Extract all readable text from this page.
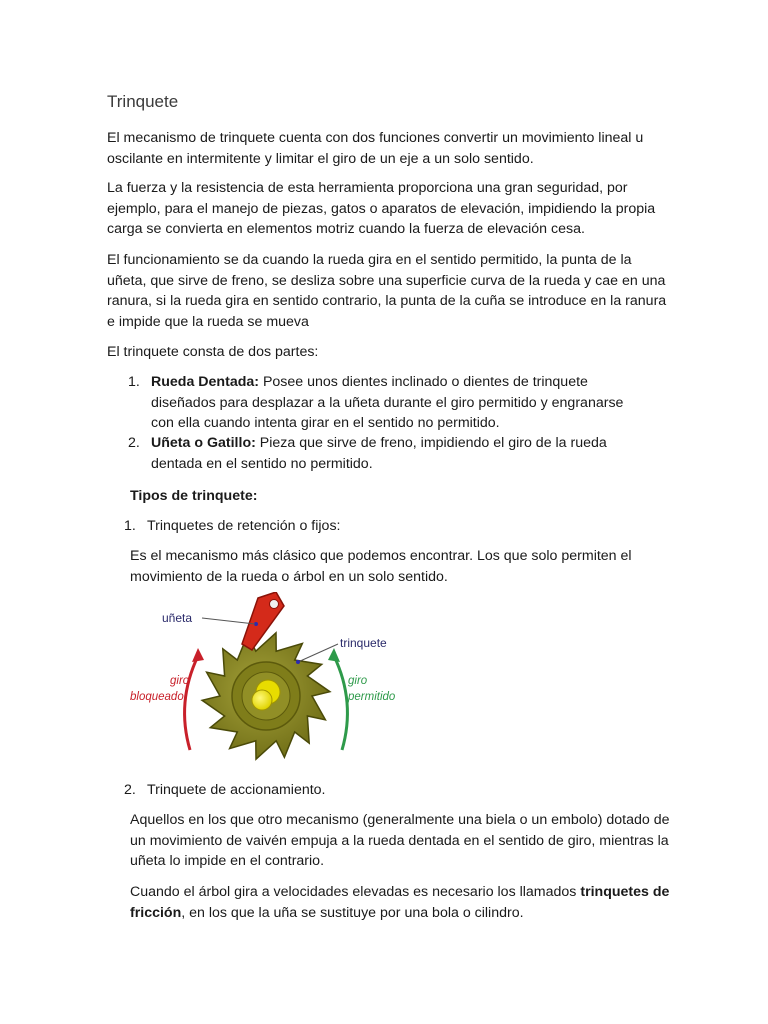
Trinquete

El mecanismo de trinquete cuenta con dos funciones convertir un movimiento lineal u oscilante en intermitente y limitar el giro de un eje a un solo sentido.

La fuerza y la resistencia de esta herramienta proporciona una gran seguridad, por ejemplo, para el manejo de piezas, gatos o aparatos de elevación, impidiendo la propia carga se convierta en elementos motriz cuando la fuerza de elevación cesa.

El funcionamiento se da cuando la rueda gira en el sentido permitido, la punta de la uñeta, que sirve de freno, se desliza sobre una superficie curva de la rueda y cae en una ranura, si la rueda gira en sentido contrario, la punta de la cuña se introduce en la ranura e impide que la rueda se mueva

El trinquete consta de dos partes:

1. Rueda Dentada: Posee unos dientes inclinado o dientes de trinquete diseñados para desplazar a la uñeta durante el giro permitido y engranarse con ella cuando intenta girar en el sentido no permitido.
2. Uñeta o Gatillo: Pieza que sirve de freno, impidiendo el giro de la rueda dentada en el sentido no permitido.

Tipos de trinquete:

1. Trinquetes de retención o fijos:

Es el mecanismo más clásico que podemos encontrar. Los que solo permiten el movimiento de la rueda o árbol en un solo sentido.

uñeta
trinquete
giro
bloqueado
giro
permitido
2. Trinquete de accionamiento.

Aquellos en los que otro mecanismo (generalmente una biela o un embolo) dotado de un movimiento de vaivén empuja a la rueda dentada en el sentido de giro, mientras la uñeta lo impide en el contrario.

Cuando el árbol gira a velocidades elevadas es necesario los llamados trinquetes de fricción, en los que la uña se sustituye por una bola o cilindro.
